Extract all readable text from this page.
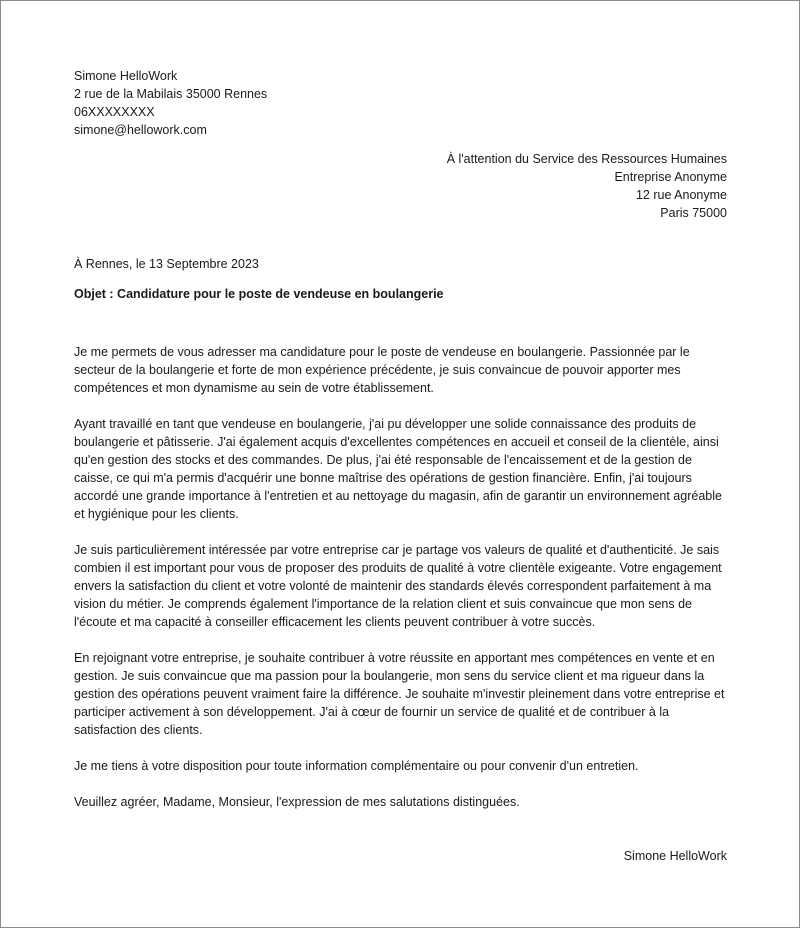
Simone HelloWork
2 rue de la Mabilais 35000 Rennes
06XXXXXXXX
simone@hellowork.com
À l'attention du Service des Ressources Humaines
Entreprise Anonyme
12 rue Anonyme
Paris 75000
À Rennes, le 13 Septembre 2023
Objet : Candidature pour le poste de vendeuse en boulangerie

Je me permets de vous adresser ma candidature pour le poste de vendeuse en boulangerie. Passionnée par le secteur de la boulangerie et forte de mon expérience précédente, je suis convaincue de pouvoir apporter mes compétences et mon dynamisme au sein de votre établissement.

Ayant travaillé en tant que vendeuse en boulangerie, j'ai pu développer une solide connaissance des produits de boulangerie et pâtisserie. J'ai également acquis d'excellentes compétences en accueil et conseil de la clientèle, ainsi qu'en gestion des stocks et des commandes. De plus, j'ai été responsable de l'encaissement et de la gestion de caisse, ce qui m'a permis d'acquérir une bonne maîtrise des opérations de gestion financière. Enfin, j'ai toujours accordé une grande importance à l'entretien et au nettoyage du magasin, afin de garantir un environnement agréable et hygiénique pour les clients.

Je suis particulièrement intéressée par votre entreprise car je partage vos valeurs de qualité et d'authenticité. Je sais combien il est important pour vous de proposer des produits de qualité à votre clientèle exigeante. Votre engagement envers la satisfaction du client et votre volonté de maintenir des standards élevés correspondent parfaitement à ma vision du métier. Je comprends également l'importance de la relation client et suis convaincue que mon sens de l'écoute et ma capacité à conseiller efficacement les clients peuvent contribuer à votre succès.

En rejoignant votre entreprise, je souhaite contribuer à votre réussite en apportant mes compétences en vente et en gestion. Je suis convaincue que ma passion pour la boulangerie, mon sens du service client et ma rigueur dans la gestion des opérations peuvent vraiment faire la différence. Je souhaite m'investir pleinement dans votre entreprise et participer activement à son développement. J'ai à cœur de fournir un service de qualité et de contribuer à la satisfaction des clients.

Je me tiens à votre disposition pour toute information complémentaire ou pour convenir d'un entretien.

Veuillez agréer, Madame, Monsieur, l'expression de mes salutations distinguées.

Simone HelloWork
